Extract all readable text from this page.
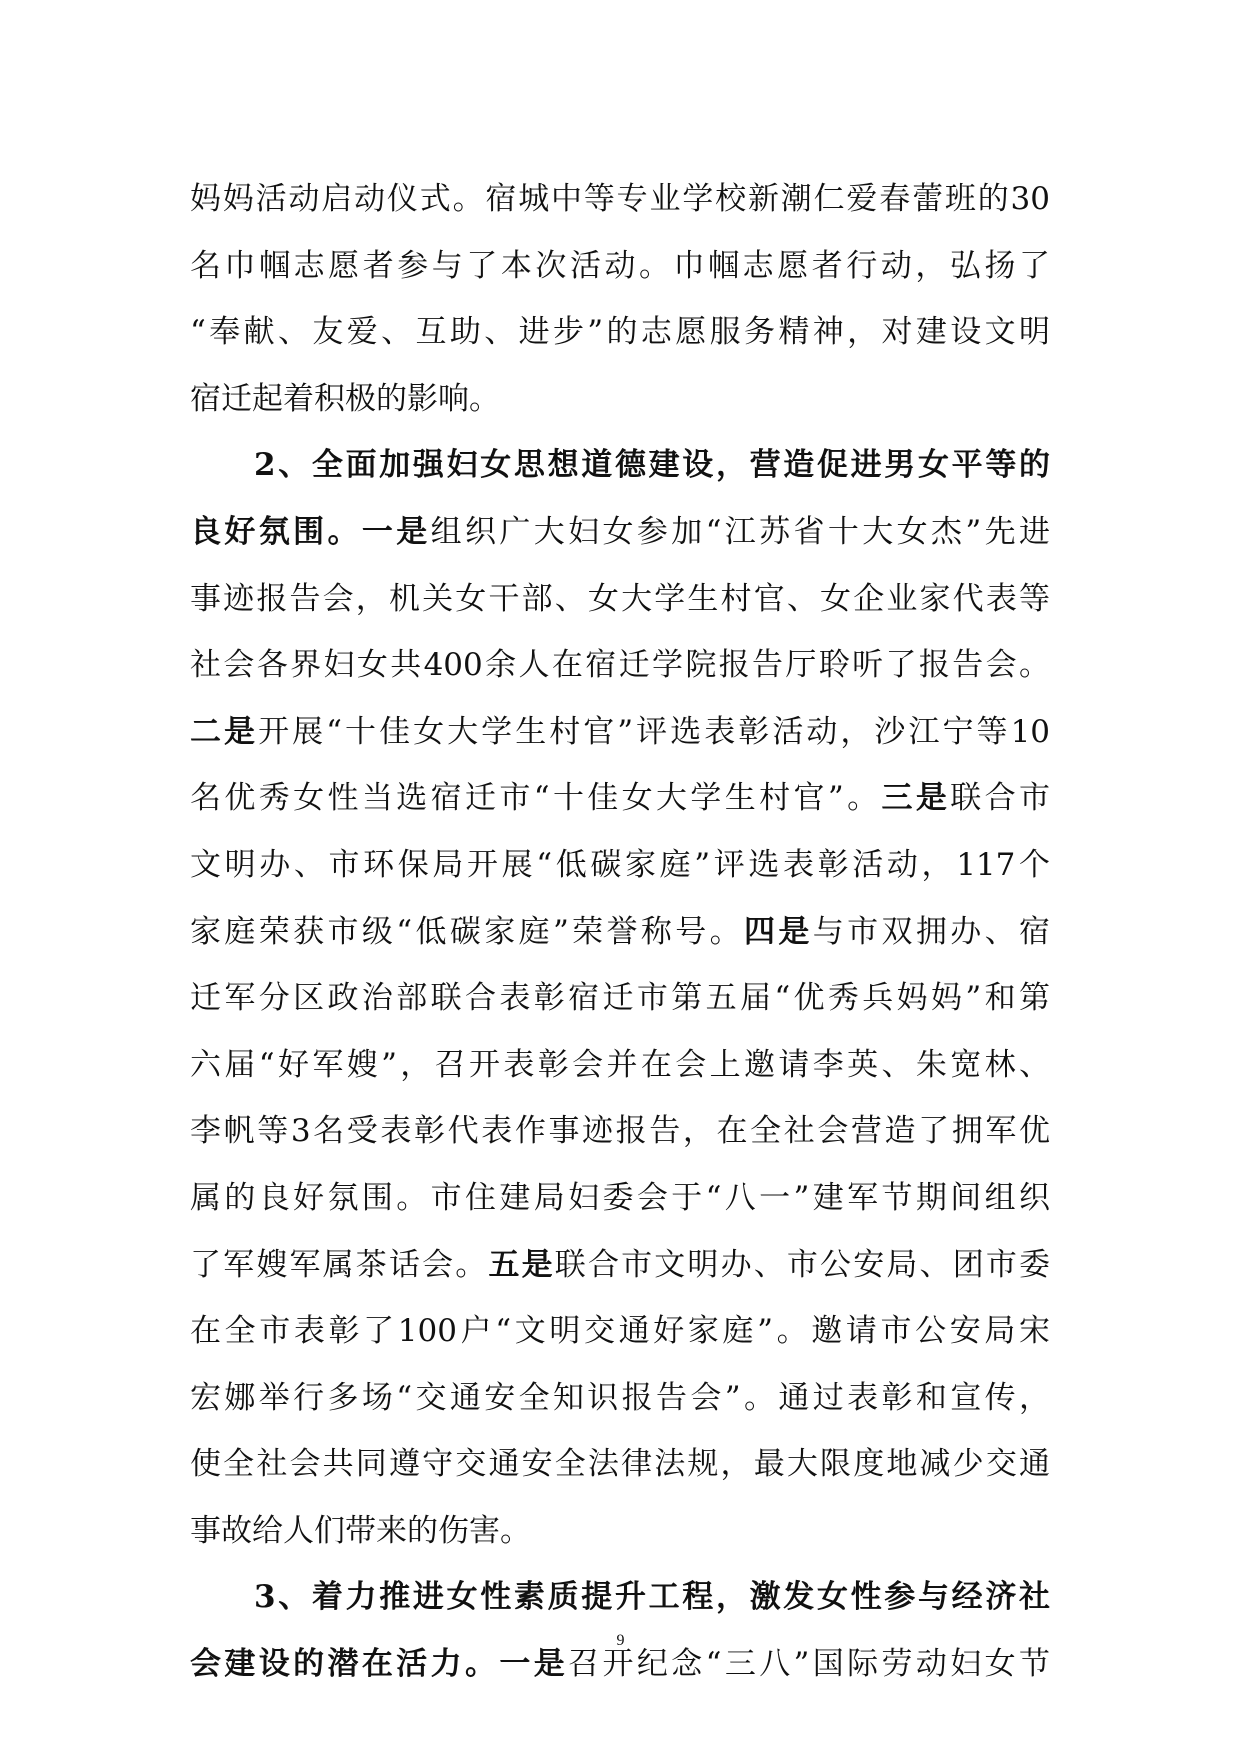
妈妈活动启动仪式。宿城中等专业学校新潮仁爱春蕾班的30
名巾帼志愿者参与了本次活动。巾帼志愿者行动，弘扬了
“奉献、友爱、互助、进步”的志愿服务精神，对建设文明
宿迁起着积极的影响。
2、全面加强妇女思想道德建设，营造促进男女平等的
良好氛围。一是组织广大妇女参加“江苏省十大女杰”先进
事迹报告会，机关女干部、女大学生村官、女企业家代表等
社会各界妇女共400余人在宿迁学院报告厅聆听了报告会。
二是开展“十佳女大学生村官”评选表彰活动，沙江宁等10
名优秀女性当选宿迁市“十佳女大学生村官”。三是联合市
文明办、市环保局开展“低碳家庭”评选表彰活动，117个
家庭荣获市级“低碳家庭”荣誉称号。四是与市双拥办、宿
迁军分区政治部联合表彰宿迁市第五届“优秀兵妈妈”和第
六届“好军嫂”，召开表彰会并在会上邀请李英、朱宽林、
李帆等3名受表彰代表作事迹报告，在全社会营造了拥军优
属的良好氛围。市住建局妇委会于“八一”建军节期间组织
了军嫂军属茶话会。五是联合市文明办、市公安局、团市委
在全市表彰了100户“文明交通好家庭”。邀请市公安局宋
宏娜举行多场“交通安全知识报告会”。通过表彰和宣传，
使全社会共同遵守交通安全法律法规，最大限度地减少交通
事故给人们带来的伤害。
3、着力推进女性素质提升工程，激发女性参与经济社
会建设的潜在活力。一是召开纪念“三八”国际劳动妇女节
9
